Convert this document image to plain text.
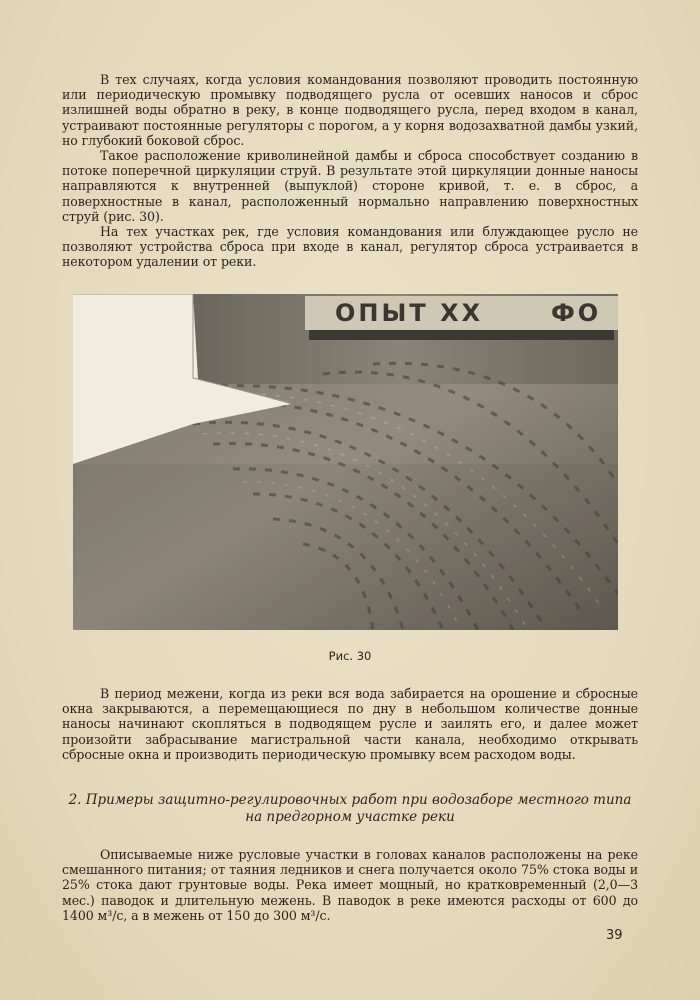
В тех случаях, когда условия командования позволяют проводить постоянную или периодическую промывку подводящего русла от осевших наносов и сброс излишней воды обратно в реку, в конце подводящего русла, перед входом в канал, устраивают постоянные регуляторы с порогом, а у корня водозахватной дамбы узкий, но глубокий боковой сброс.

Такое расположение криволинейной дамбы и сброса способствует созданию в потоке поперечной циркуляции струй. В результате этой циркуляции донные наносы направляются к внутренней (выпуклой) стороне кривой, т. е. в сброс, а поверхностные в канал, расположенный нормально направлению поверхностных струй (рис. 30).

На тех участках рек, где условия командования или блуждающее русло не позволяют устройства сброса при входе в канал, регулятор сброса устраивается в некотором удалении от реки.

ОПЫТ XX	ФО
Рис. 30

В период межени, когда из реки вся вода забирается на орошение и сбросные окна закрываются, а перемещающиеся по дну в небольшом количестве донные наносы начинают скопляться в подводящем русле и заилять его, и далее может произойти забрасывание магистральной части канала, необходимо открывать сбросные окна и производить периодическую промывку всем расходом воды.

2. Примеры защитно-регулировочных работ при водозаборе местного типа
на предгорном участке реки

Описываемые ниже русловые участки в головах каналов расположены на реке смешанного питания; от таяния ледников и снега получается около 75% стока воды и 25% стока дают грунтовые воды. Река имеет мощный, но кратковременный (2,0—3 мес.) паводок и длительную межень. В паводок в реке имеются расходы от 600 до 1400 м³/с, а в межень от 150 до 300 м³/с.

39
